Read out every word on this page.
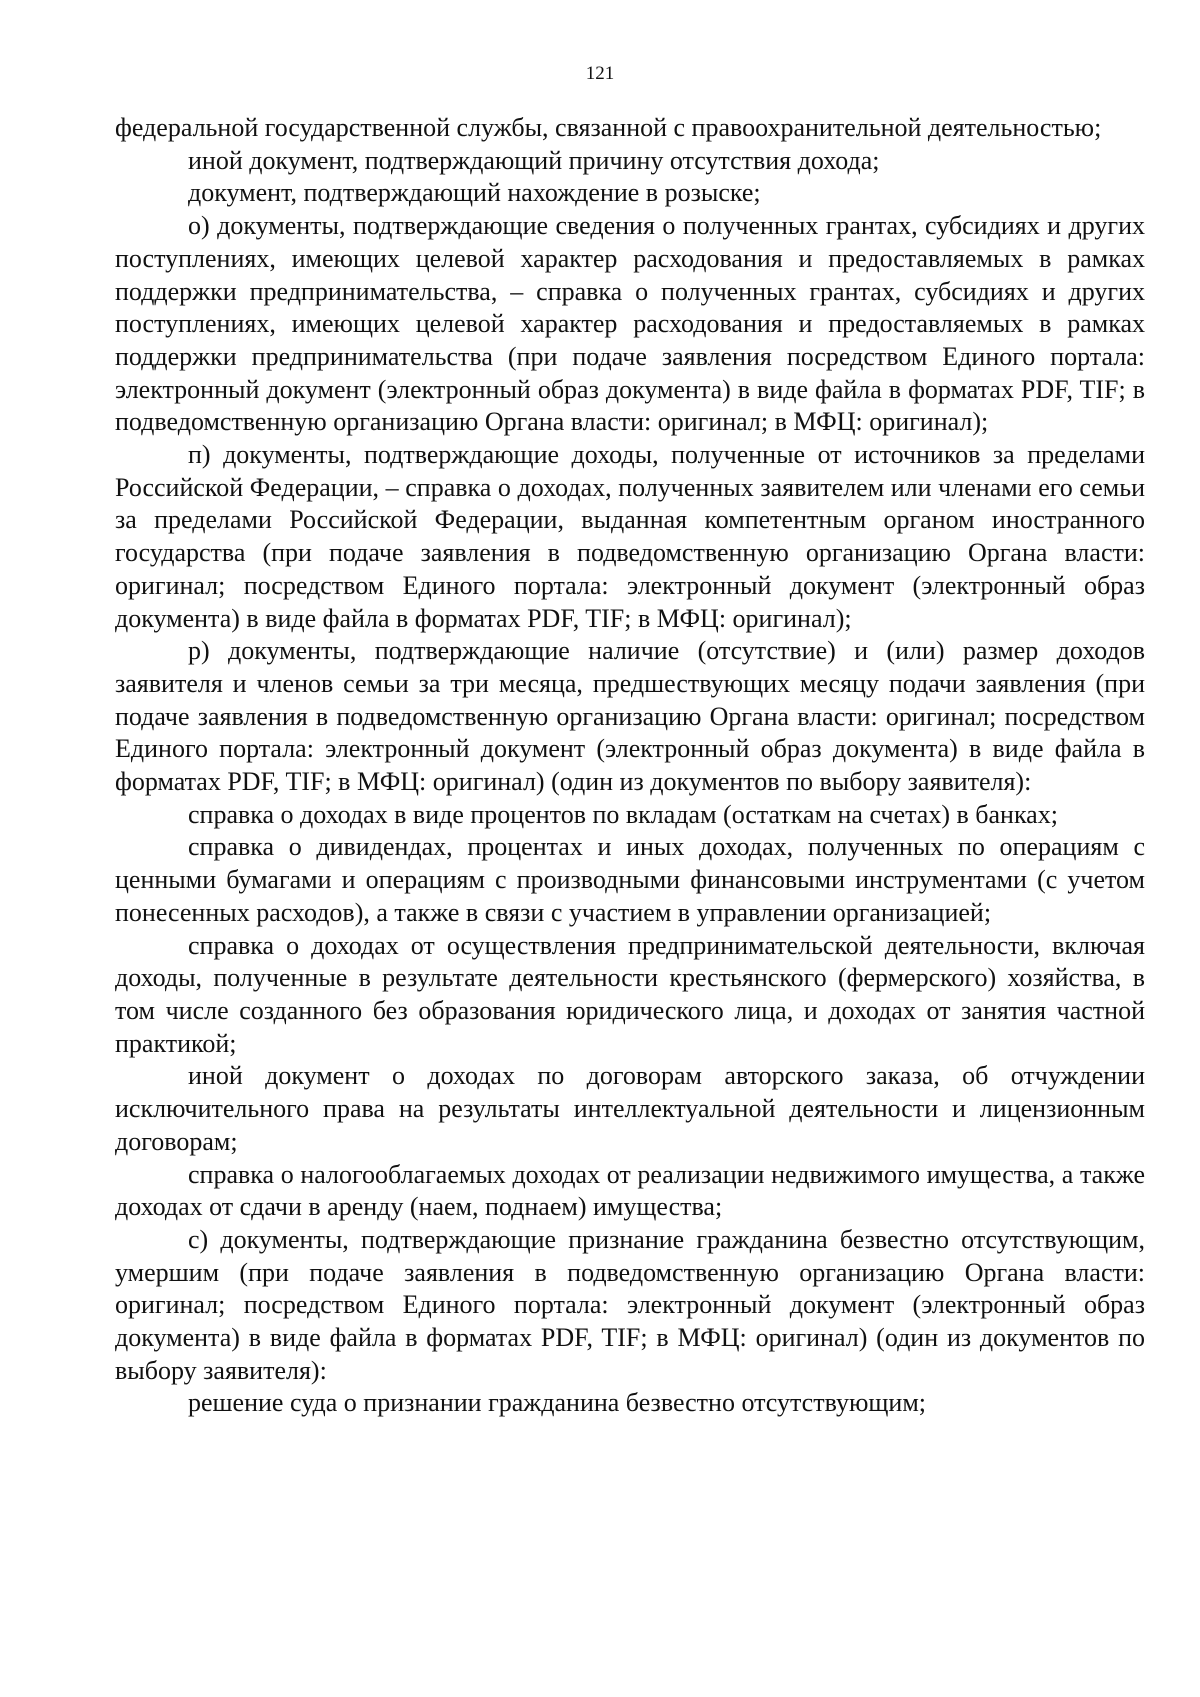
121

федеральной государственной службы, связанной с правоохранительной деятельностью;

иной документ, подтверждающий причину отсутствия дохода;

документ, подтверждающий нахождение в розыске;

о) документы, подтверждающие сведения о полученных грантах, субсидиях и других поступлениях, имеющих целевой характер расходования и предоставляемых в рамках поддержки предпринимательства, – справка о полученных грантах, субсидиях и других поступлениях, имеющих целевой характер расходования и предоставляемых в рамках поддержки предпринимательства (при подаче заявления посредством Единого портала: электронный документ (электронный образ документа) в виде файла в форматах PDF, TIF; в подведомственную организацию Органа власти: оригинал; в МФЦ: оригинал);

п) документы, подтверждающие доходы, полученные от источников за пределами Российской Федерации, – справка о доходах, полученных заявителем или членами его семьи за пределами Российской Федерации, выданная компетентным органом иностранного государства (при подаче заявления в подведомственную организацию Органа власти: оригинал; посредством Единого портала: электронный документ (электронный образ документа) в виде файла в форматах PDF, TIF; в МФЦ: оригинал);

р) документы, подтверждающие наличие (отсутствие) и (или) размер доходов заявителя и членов семьи за три месяца, предшествующих месяцу подачи заявления (при подаче заявления в подведомственную организацию Органа власти: оригинал; посредством Единого портала: электронный документ (электронный образ документа) в виде файла в форматах PDF, TIF; в МФЦ: оригинал) (один из документов по выбору заявителя):

справка о доходах в виде процентов по вкладам (остаткам на счетах) в банках;

справка о дивидендах, процентах и иных доходах, полученных по операциям с ценными бумагами и операциям с производными финансовыми инструментами (с учетом понесенных расходов), а также в связи с участием в управлении организацией;

справка о доходах от осуществления предпринимательской деятельности, включая доходы, полученные в результате деятельности крестьянского (фермерского) хозяйства, в том числе созданного без образования юридического лица, и доходах от занятия частной практикой;

иной документ о доходах по договорам авторского заказа, об отчуждении исключительного права на результаты интеллектуальной деятельности и лицензионным договорам;

справка о налогооблагаемых доходах от реализации недвижимого имущества, а также доходах от сдачи в аренду (наем, поднаем) имущества;

с) документы, подтверждающие признание гражданина безвестно отсутствующим, умершим (при подаче заявления в подведомственную организацию Органа власти: оригинал; посредством Единого портала: электронный документ (электронный образ документа) в виде файла в форматах PDF, TIF; в МФЦ: оригинал) (один из документов по выбору заявителя):

решение суда о признании гражданина безвестно отсутствующим;
